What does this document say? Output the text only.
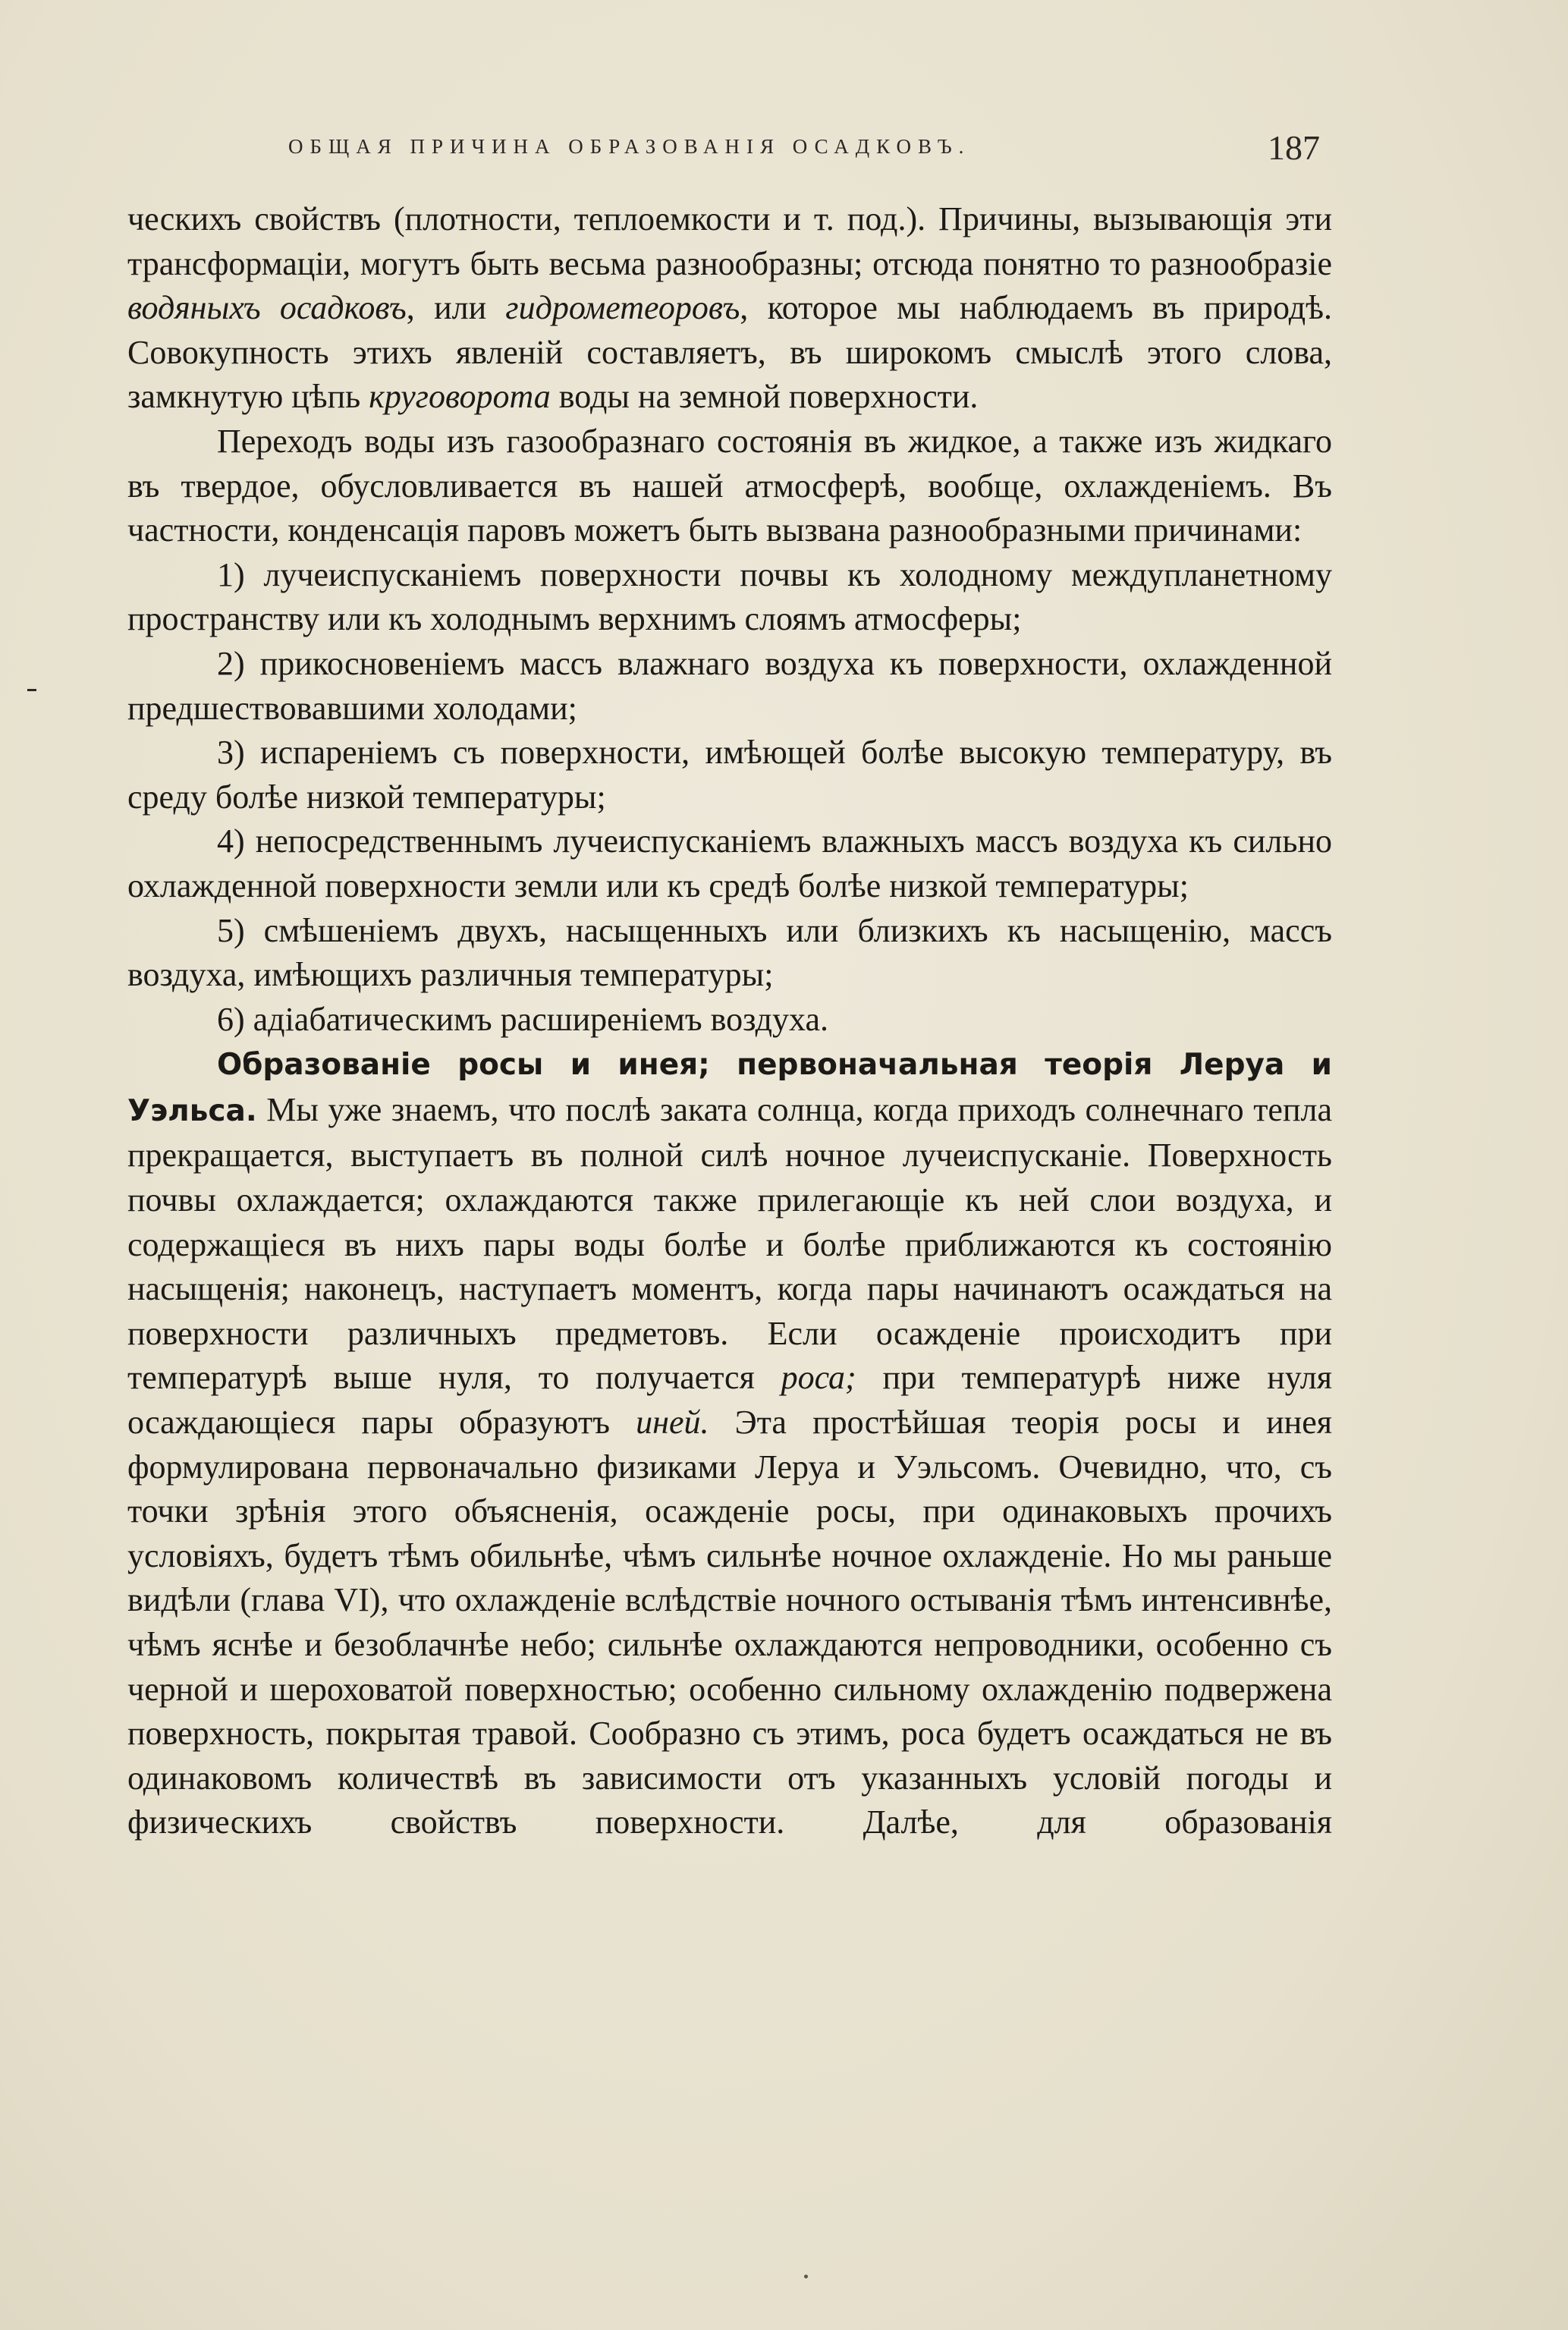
ОБЩАЯ ПРИЧИНА ОБРАЗОВАНІЯ ОСАДКОВЪ.	187

ческихъ свойствъ (плотности, теплоемкости и т. под.). Причины, вызывающія эти трансформаціи, могутъ быть весьма разнообразны; отсюда понятно то разнообразіе водяныхъ осадковъ, или гидрометеоровъ, которое мы наблюдаемъ въ природѣ. Совокупность этихъ явленій составляетъ, въ широкомъ смыслѣ этого слова, замкнутую цѣпь круговорота воды на земной поверхности.

Переходъ воды изъ газообразнаго состоянія въ жидкое, а также изъ жидкаго въ твердое, обусловливается въ нашей атмосферѣ, вообще, охлажденіемъ. Въ частности, конденсація паровъ можетъ быть вызвана разнообразными причинами:

1) лучеиспусканіемъ поверхности почвы къ холодному междупланетному пространству или къ холоднымъ верхнимъ слоямъ атмосферы;

2) прикосновеніемъ массъ влажнаго воздуха къ поверхности, охлажденной предшествовавшими холодами;

3) испареніемъ съ поверхности, имѣющей болѣе высокую температуру, въ среду болѣе низкой температуры;

4) непосредственнымъ лучеиспусканіемъ влажныхъ массъ воздуха къ сильно охлажденной поверхности земли или къ средѣ болѣе низкой температуры;

5) смѣшеніемъ двухъ, насыщенныхъ или близкихъ къ насыщенію, массъ воздуха, имѣющихъ различныя температуры;

6) адіабатическимъ расширеніемъ воздуха.

Образованіе росы и инея; первоначальная теорія Леруа и Уэльса. Мы уже знаемъ, что послѣ заката солнца, когда приходъ солнечнаго тепла прекращается, выступаетъ въ полной силѣ ночное лучеиспусканіе. Поверхность почвы охлаждается; охлаждаются также прилегающіе къ ней слои воздуха, и содержащіеся въ нихъ пары воды болѣе и болѣе приближаются къ состоянію насыщенія; наконецъ, наступаетъ моментъ, когда пары начинаютъ осаждаться на поверхности различныхъ предметовъ. Если осажденіе происходитъ при температурѣ выше нуля, то получается роса; при температурѣ ниже нуля осаждающіеся пары образуютъ иней. Эта простѣйшая теорія росы и инея формулирована первоначально физиками Леруа и Уэльсомъ. Очевидно, что, съ точки зрѣнія этого объясненія, осажденіе росы, при одинаковыхъ прочихъ условіяхъ, будетъ тѣмъ обильнѣе, чѣмъ сильнѣе ночное охлажденіе. Но мы раньше видѣли (глава VI), что охлажденіе вслѣдствіе ночного остыванія тѣмъ интенсивнѣе, чѣмъ яснѣе и безоблачнѣе небо; сильнѣе охлаждаются непроводники, особенно съ черной и шероховатой поверхностью; особенно сильному охлажденію подвержена поверхность, покрытая травой. Сообразно съ этимъ, роса будетъ осаждаться не въ одинаковомъ количествѣ въ зависимости отъ указанныхъ условій погоды и физическихъ свойствъ поверхности. Далѣе, для образованія
